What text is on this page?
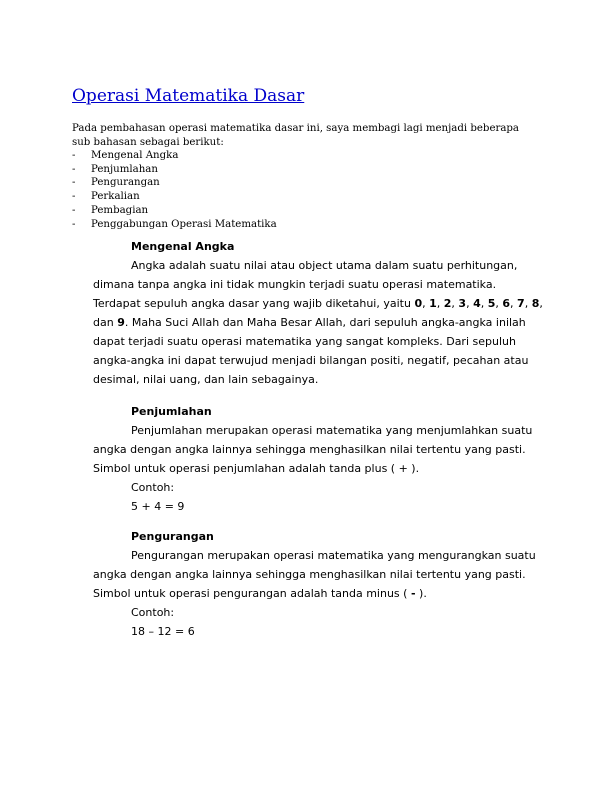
Operasi Matematika Dasar
Pada pembahasan operasi matematika dasar ini, saya membagi lagi menjadi beberapa sub bahasan sebagai berikut:
-	Mengenal Angka
-	Penjumlahan
-	Pengurangan
-	Perkalian
-	Pembagian
-	Penggabungan Operasi Matematika
Mengenal Angka

Angka adalah suatu nilai atau object utama dalam suatu perhitungan, dimana tanpa angka ini tidak mungkin terjadi suatu operasi matematika. Terdapat sepuluh angka dasar yang wajib diketahui, yaitu 0, 1, 2, 3, 4, 5, 6, 7, 8, dan 9. Maha Suci Allah dan Maha Besar Allah, dari sepuluh angka-angka inilah dapat terjadi suatu operasi matematika yang sangat kompleks. Dari sepuluh angka-angka ini dapat terwujud menjadi bilangan positi, negatif, pecahan atau desimal, nilai uang, dan lain sebagainya.

Penjumlahan

Penjumlahan merupakan operasi matematika yang menjumlahkan suatu angka dengan angka lainnya sehingga menghasilkan nilai tertentu yang pasti. Simbol untuk operasi penjumlahan adalah tanda plus ( + ).

Contoh:
5 + 4 = 9
Pengurangan

Pengurangan merupakan operasi matematika yang mengurangkan suatu angka dengan angka lainnya sehingga menghasilkan nilai tertentu yang pasti. Simbol untuk operasi pengurangan adalah tanda minus ( - ).

Contoh:
18 – 12 = 6
